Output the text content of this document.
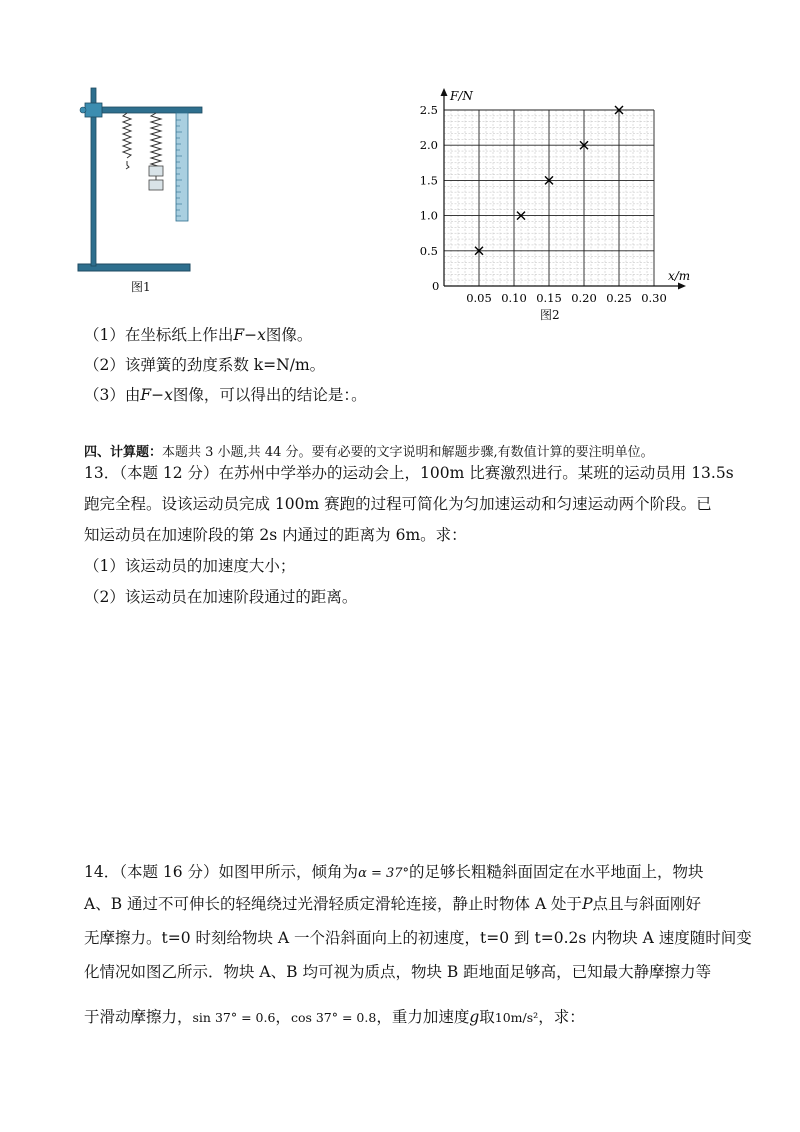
图1
F/N
x/m
0
0.05 0.10 0.15 0.20 0.25 0.30
0.5
1.0
1.5
2.0
2.5
图2
（1）在坐标纸上作出F−x图像。
（2）该弹簧的劲度系数 k=N/m。
（3）由F−x图像，可以得出的结论是：。
四、计算题：本题共 3 小题,共 44 分。要有必要的文字说明和解题步骤,有数值计算的要注明单位。
13．（本题 12 分）在苏州中学举办的运动会上，100m 比赛激烈进行。某班的运动员用 13.5s
跑完全程。设该运动员完成 100m 赛跑的过程可简化为匀加速运动和匀速运动两个阶段。已
知运动员在加速阶段的第 2s 内通过的距离为 6m。求：
（1）该运动员的加速度大小；
（2）该运动员在加速阶段通过的距离。
14．（本题 16 分）如图甲所示，倾角为α = 37°的足够长粗糙斜面固定在水平地面上，物块
A、B 通过不可伸长的轻绳绕过光滑轻质定滑轮连接，静止时物体 A 处于P点且与斜面刚好
无摩擦力。t=0 时刻给物块 A 一个沿斜面向上的初速度，t=0 到 t=0.2s 内物块 A 速度随时间变
化情况如图乙所示．物块 A、B 均可视为质点，物块 B 距地面足够高，已知最大静摩擦力等
于滑动摩擦力，sin 37° = 0.6，cos 37° = 0.8，重力加速度g取10m/s²，求：
